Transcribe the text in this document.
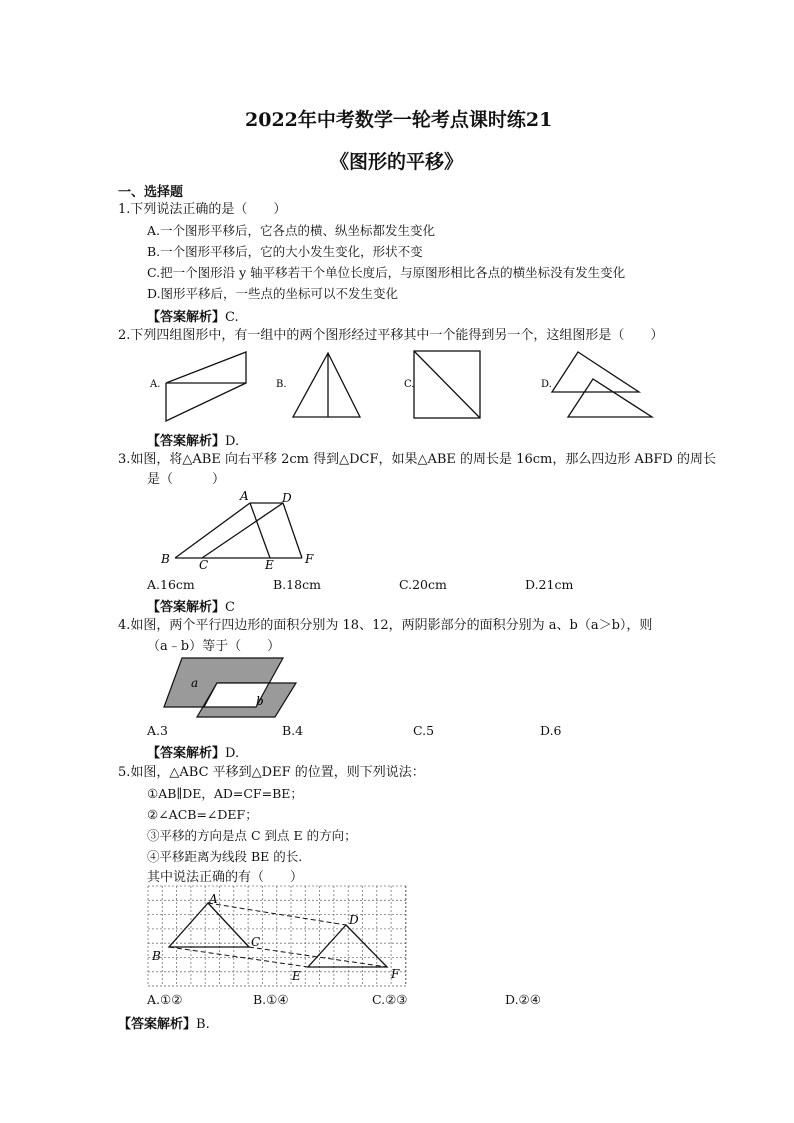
2022年中考数学一轮考点课时练21
《图形的平移》
一、选择题
1.下列说法正确的是（　　）
A.一个图形平移后，它各点的横、纵坐标都发生变化
B.一个图形平移后，它的大小发生变化，形状不变
C.把一个图形沿 y 轴平移若干个单位长度后，与原图形相比各点的横坐标没有发生变化
D.图形平移后，一些点的坐标可以不发生变化
【答案解析】C.
2.下列四组图形中，有一组中的两个图形经过平移其中一个能得到另一个，这组图形是（　　）
A.	B.	C.	D.
【答案解析】D.
3.如图，将△ABE 向右平移 2cm 得到△DCF，如果△ABE 的周长是 16cm，那么四边形 ABFD 的周长
是（　　　）
A	D
B C	E	F
A.16cm	B.18cm	C.20cm	D.21cm
【答案解析】C
4.如图，两个平行四边形的面积分别为 18、12，两阴影部分的面积分别为 a、b（a＞b），则
（a﹣b）等于（　　）
a
b
A.3	B.4	C.5	D.6
【答案解析】D.
5.如图，△ABC 平移到△DEF 的位置，则下列说法：
①AB∥DE，AD=CF=BE；
②∠ACB=∠DEF；
③平移的方向是点 C 到点 E 的方向；
④平移距离为线段 BE 的长.
其中说法正确的有（　　）
A
B
C
D
E	F
A.①②	B.①④	C.②③	D.②④
【答案解析】B.
